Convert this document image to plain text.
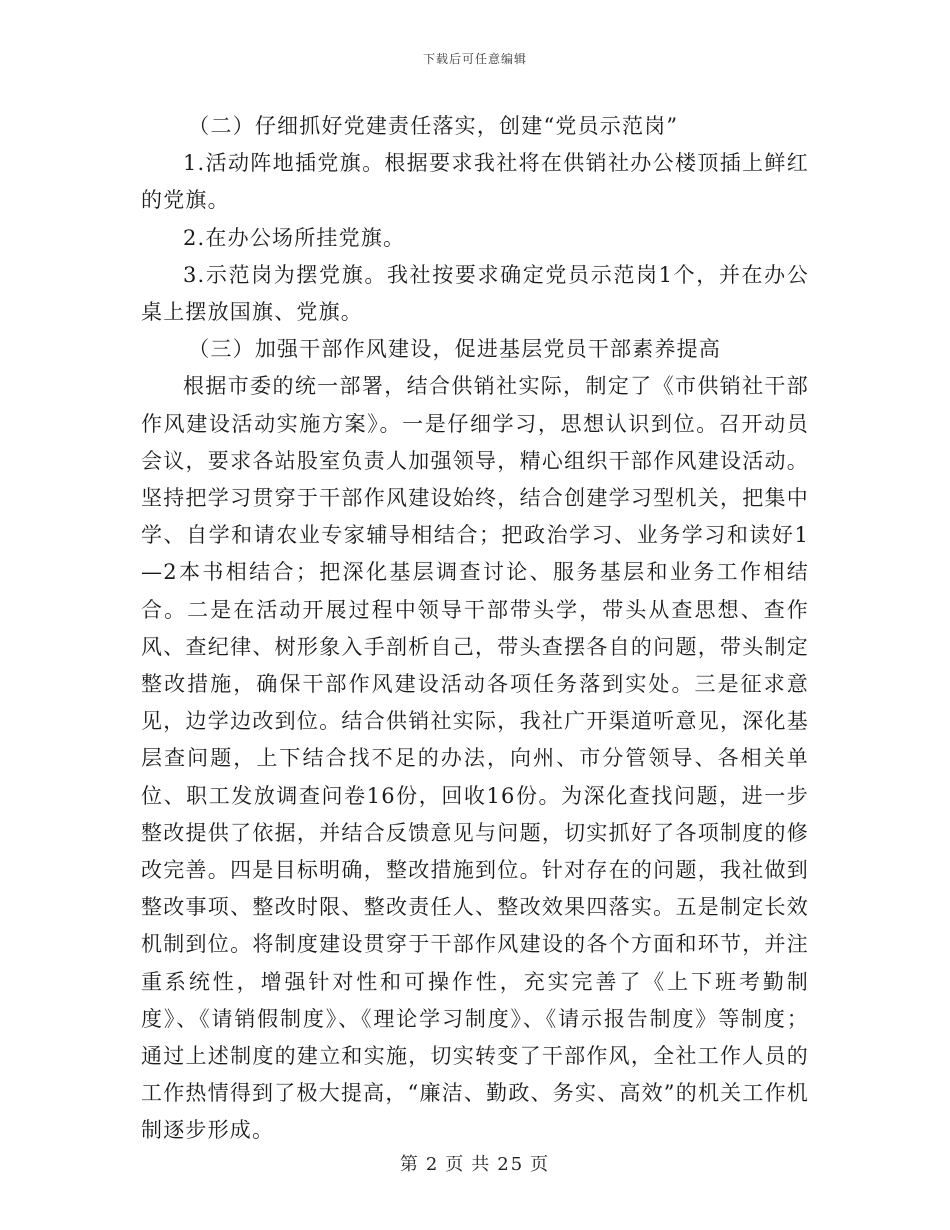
下载后可任意编辑

（二）仔细抓好党建责任落实，创建“党员示范岗”

1.活动阵地插党旗。根据要求我社将在供销社办公楼顶插上鲜红的党旗。

2.在办公场所挂党旗。

3.示范岗为摆党旗。我社按要求确定党员示范岗1个，并在办公桌上摆放国旗、党旗。

（三）加强干部作风建设，促进基层党员干部素养提高

根据市委的统一部署，结合供销社实际，制定了《市供销社干部作风建设活动实施方案》。一是仔细学习，思想认识到位。召开动员会议，要求各站股室负责人加强领导，精心组织干部作风建设活动。坚持把学习贯穿于干部作风建设始终，结合创建学习型机关，把集中学、自学和请农业专家辅导相结合；把政治学习、业务学习和读好1—2本书相结合；把深化基层调查讨论、服务基层和业务工作相结合。二是在活动开展过程中领导干部带头学，带头从查思想、查作风、查纪律、树形象入手剖析自己，带头查摆各自的问题，带头制定整改措施，确保干部作风建设活动各项任务落到实处。三是征求意见，边学边改到位。结合供销社实际，我社广开渠道听意见，深化基层查问题，上下结合找不足的办法，向州、市分管领导、各相关单位、职工发放调查问卷16份，回收16份。为深化查找问题，进一步整改提供了依据，并结合反馈意见与问题，切实抓好了各项制度的修改完善。四是目标明确，整改措施到位。针对存在的问题，我社做到整改事项、整改时限、整改责任人、整改效果四落实。五是制定长效机制到位。将制度建设贯穿于干部作风建设的各个方面和环节，并注重系统性，增强针对性和可操作性，充实完善了《上下班考勤制度》、《请销假制度》、《理论学习制度》、《请示报告制度》等制度；通过上述制度的建立和实施，切实转变了干部作风，全社工作人员的工作热情得到了极大提高，“廉洁、勤政、务实、高效”的机关工作机制逐步形成。

第 2 页 共 25 页
